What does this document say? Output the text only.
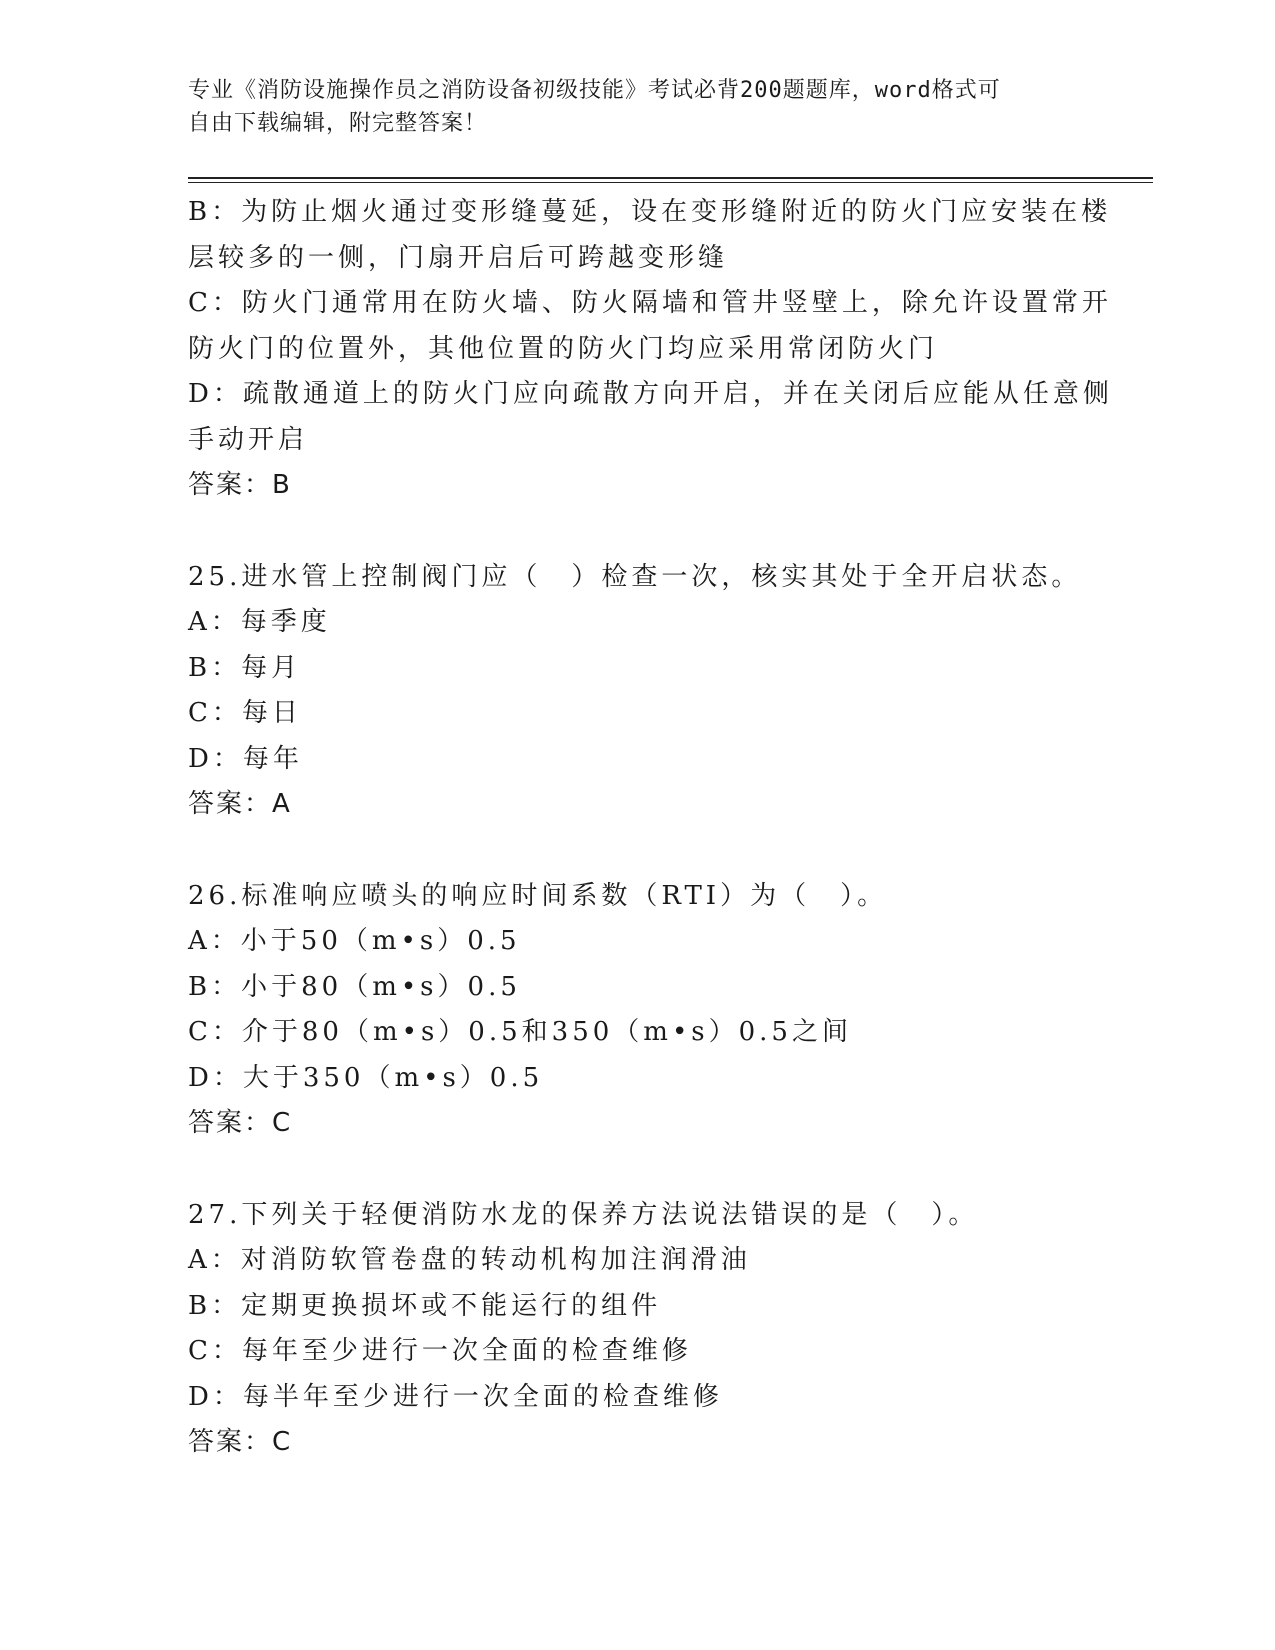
专业《消防设施操作员之消防设备初级技能》考试必背200题题库，word格式可
自由下载编辑，附完整答案！
B：为防止烟火通过变形缝蔓延，设在变形缝附近的防火门应安装在楼
层较多的一侧，门扇开启后可跨越变形缝
C：防火门通常用在防火墙、防火隔墙和管井竖壁上，除允许设置常开
防火门的位置外，其他位置的防火门均应采用常闭防火门
D：疏散通道上的防火门应向疏散方向开启，并在关闭后应能从任意侧
手动开启
答案：B
25.进水管上控制阀门应（　）检查一次，核实其处于全开启状态。
A：每季度
B：每月
C：每日
D：每年
答案：A
26.标准响应喷头的响应时间系数（RTI）为（　）。
A：小于50（m•s）0.5
B：小于80（m•s）0.5
C：介于80（m•s）0.5和350（m•s）0.5之间
D：大于350（m•s）0.5
答案：C
27.下列关于轻便消防水龙的保养方法说法错误的是（　）。
A：对消防软管卷盘的转动机构加注润滑油
B：定期更换损坏或不能运行的组件
C：每年至少进行一次全面的检查维修
D：每半年至少进行一次全面的检查维修
答案：C
